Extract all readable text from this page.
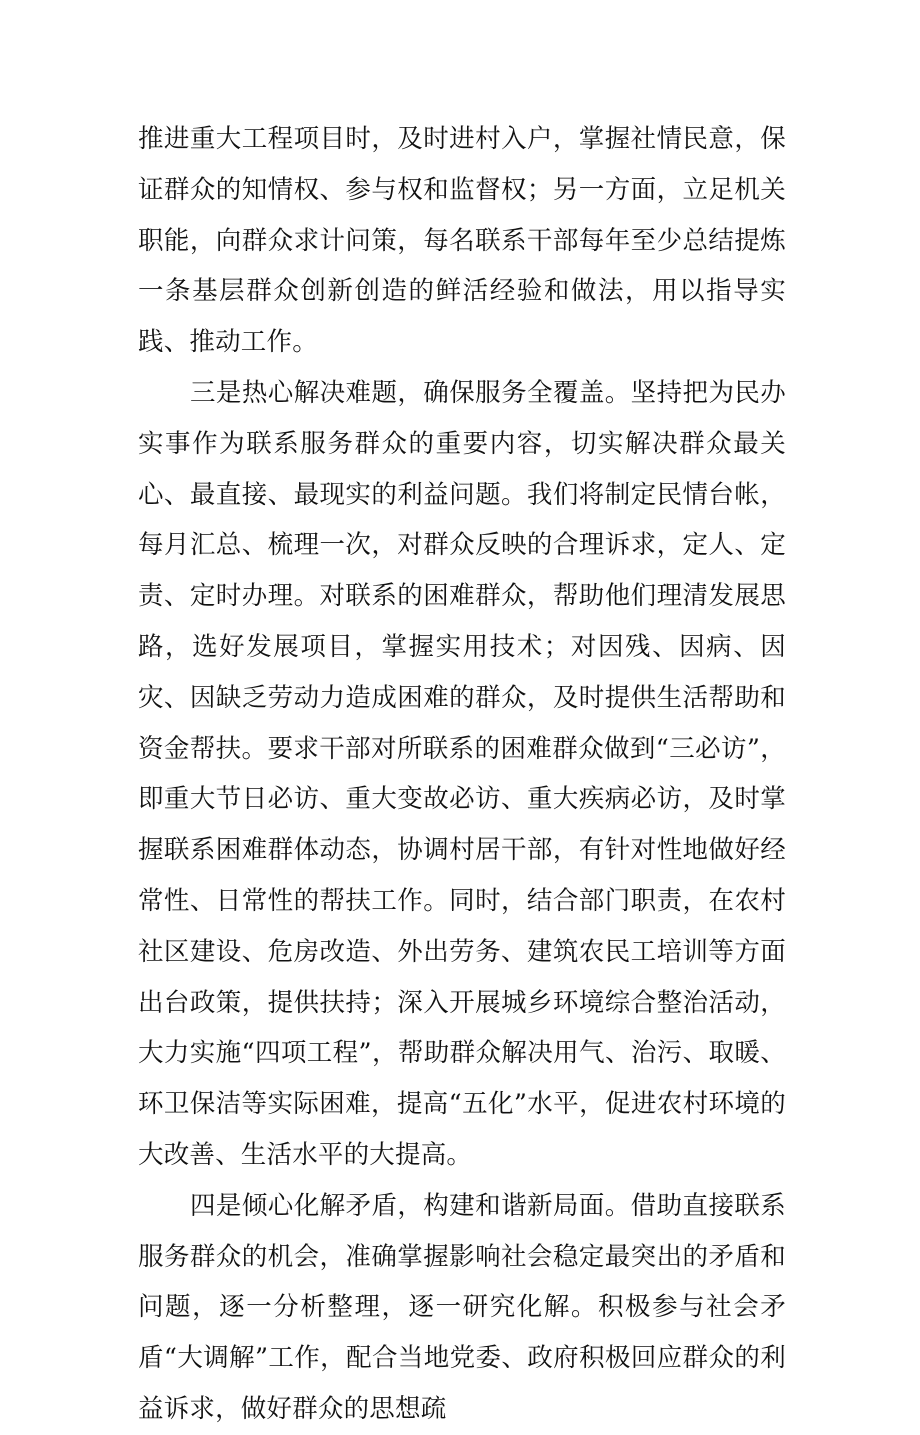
推进重大工程项目时，及时进村入户，掌握社情民意，保证群众的知情权、参与权和监督权；另一方面，立足机关职能，向群众求计问策，每名联系干部每年至少总结提炼一条基层群众创新创造的鲜活经验和做法，用以指导实践、推动工作。

三是热心解决难题，确保服务全覆盖。坚持把为民办实事作为联系服务群众的重要内容，切实解决群众最关心、最直接、最现实的利益问题。我们将制定民情台帐，每月汇总、梳理一次，对群众反映的合理诉求，定人、定责、定时办理。对联系的困难群众，帮助他们理清发展思路，选好发展项目，掌握实用技术；对因残、因病、因灾、因缺乏劳动力造成困难的群众，及时提供生活帮助和资金帮扶。要求干部对所联系的困难群众做到“三必访”，即重大节日必访、重大变故必访、重大疾病必访，及时掌握联系困难群体动态，协调村居干部，有针对性地做好经常性、日常性的帮扶工作。同时，结合部门职责，在农村社区建设、危房改造、外出劳务、建筑农民工培训等方面出台政策，提供扶持；深入开展城乡环境综合整治活动，大力实施“四项工程”，帮助群众解决用气、治污、取暖、环卫保洁等实际困难，提高“五化”水平，促进农村环境的大改善、生活水平的大提高。

四是倾心化解矛盾，构建和谐新局面。借助直接联系服务群众的机会，准确掌握影响社会稳定最突出的矛盾和问题，逐一分析整理，逐一研究化解。积极参与社会矛盾“大调解”工作，配合当地党委、政府积极回应群众的利益诉求，做好群众的思想疏
